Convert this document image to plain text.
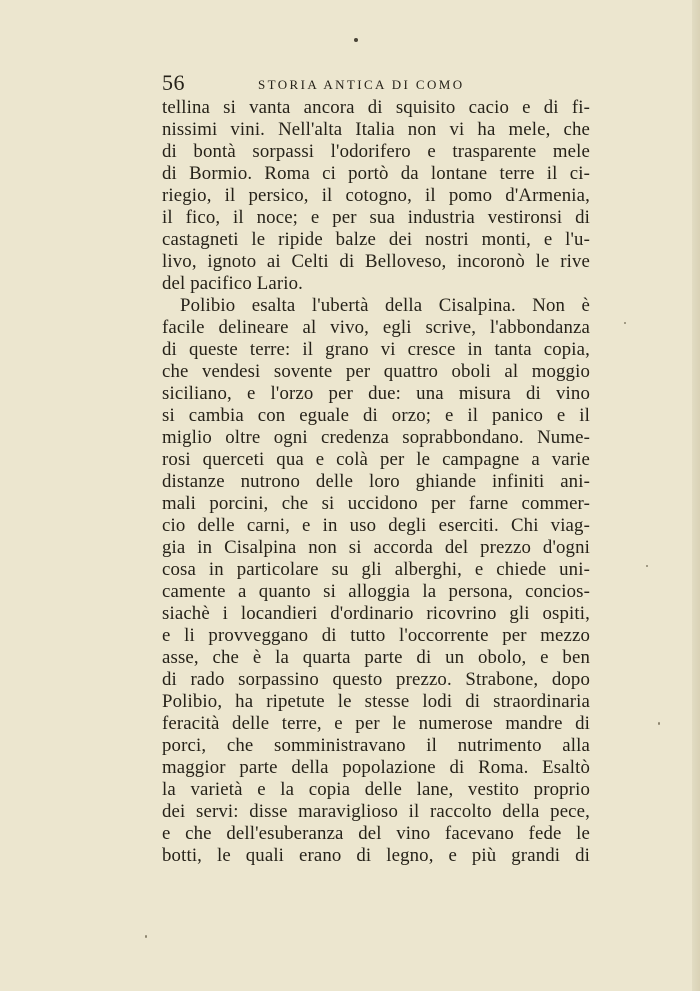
56	STORIA ANTICA DI COMO
tellina si vanta ancora di squisito cacio e di fi-
nissimi vini. Nell'alta Italia non vi ha mele, che
di bontà sorpassi l'odorifero e trasparente mele
di Bormio. Roma ci portò da lontane terre il ci-
riegio, il persico, il cotogno, il pomo d'Armenia,
il fico, il noce; e per sua industria vestironsi di
castagneti le ripide balze dei nostri monti, e l'u-
livo, ignoto ai Celti di Belloveso, incoronò le rive
del pacifico Lario.
Polibio esalta l'ubertà della Cisalpina. Non è
facile delineare al vivo, egli scrive, l'abbondanza
di queste terre: il grano vi cresce in tanta copia,
che vendesi sovente per quattro oboli al moggio
siciliano, e l'orzo per due: una misura di vino
si cambia con eguale di orzo; e il panico e il
miglio oltre ogni credenza soprabbondano. Nume-
rosi querceti qua e colà per le campagne a varie
distanze nutrono delle loro ghiande infiniti ani-
mali porcini, che si uccidono per farne commer-
cio delle carni, e in uso degli eserciti. Chi viag-
gia in Cisalpina non si accorda del prezzo d'ogni
cosa in particolare su gli alberghi, e chiede uni-
camente a quanto si alloggia la persona, concios-
siachè i locandieri d'ordinario ricovrino gli ospiti,
e li provveggano di tutto l'occorrente per mezzo
asse, che è la quarta parte di un obolo, e ben
di rado sorpassino questo prezzo. Strabone, dopo
Polibio, ha ripetute le stesse lodi di straordinaria
feracità delle terre, e per le numerose mandre di
porci, che somministravano il nutrimento alla
maggior parte della popolazione di Roma. Esaltò
la varietà e la copia delle lane, vestito proprio
dei servi: disse maraviglioso il raccolto della pece,
e che dell'esuberanza del vino facevano fede le
botti, le quali erano di legno, e più grandi di
